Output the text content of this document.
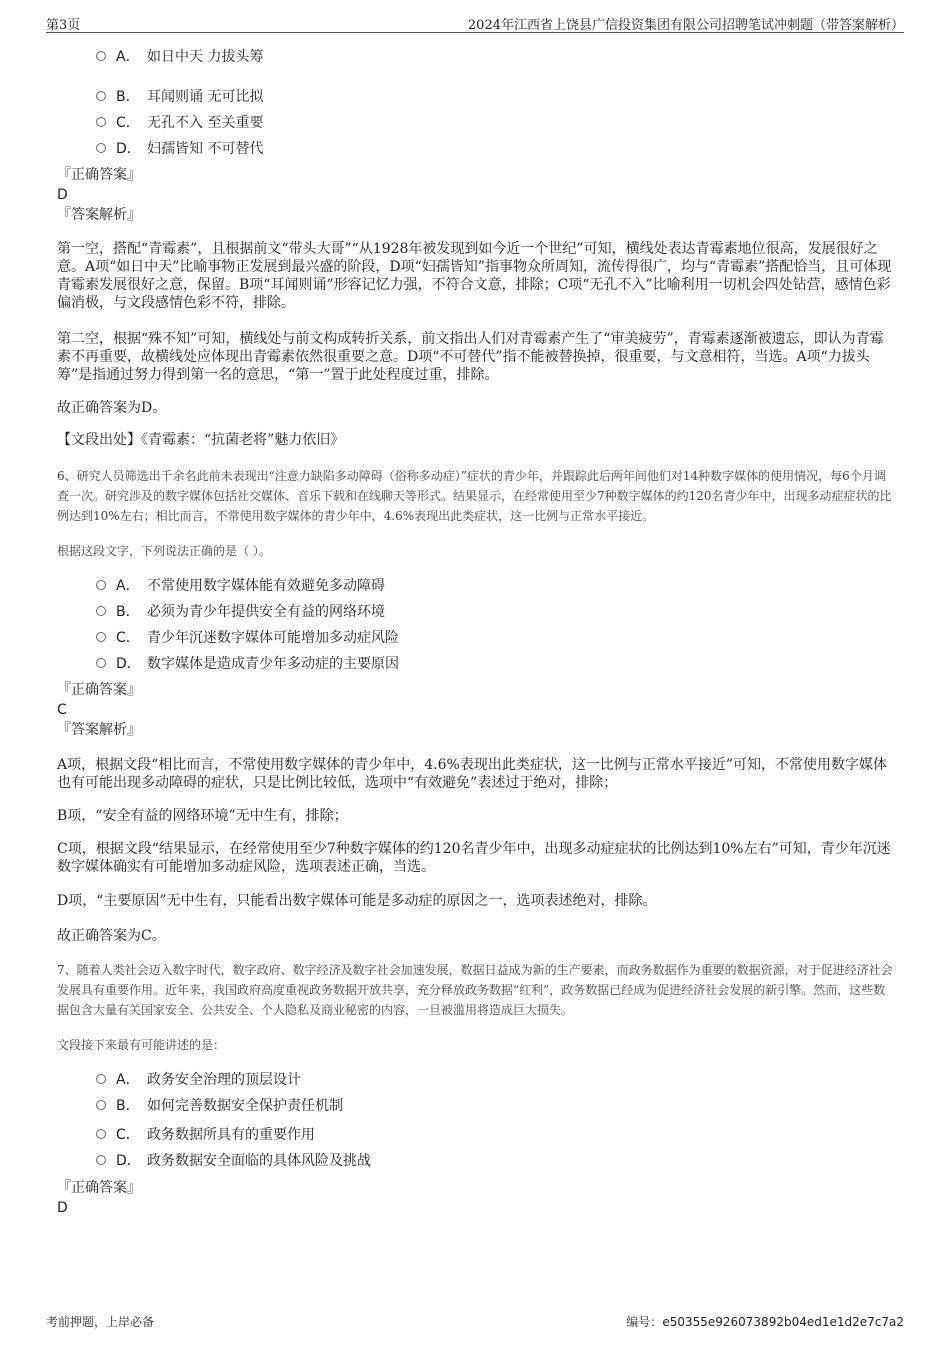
第3页	2024年江西省上饶县广信投资集团有限公司招聘笔试冲刺题（带答案解析）
A． 如日中天 力拔头筹
B． 耳闻则诵 无可比拟
C． 无孔不入 至关重要
D． 妇孺皆知 不可替代
『正确答案』
D
『答案解析』
第一空，搭配“青霉素”，且根据前文“带头大哥”“从1928年被发现到如今近一个世纪”可知，横线处表达青霉素地位很高，发展很好之意。A项“如日中天”比喻事物正发展到最兴盛的阶段，D项“妇孺皆知”指事物众所周知，流传得很广，均与“青霉素”搭配恰当，且可体现青霉素发展很好之意，保留。B项“耳闻则诵”形容记忆力强，不符合文意，排除；C项“无孔不入”比喻利用一切机会四处钻营，感情色彩偏消极，与文段感情色彩不符，排除。
第二空，根据“殊不知”可知，横线处与前文构成转折关系，前文指出人们对青霉素产生了“审美疲劳”，青霉素逐渐被遗忘，即认为青霉素不再重要，故横线处应体现出青霉素依然很重要之意。D项“不可替代”指不能被替换掉，很重要，与文意相符，当选。A项“力拔头筹”是指通过努力得到第一名的意思，“第一”置于此处程度过重，排除。
故正确答案为D。
【文段出处】《青霉素：“抗菌老将”魅力依旧》
6、研究人员筛选出千余名此前未表现出“注意力缺陷多动障碍（俗称多动症）”症状的青少年，并跟踪此后两年间他们对14种数字媒体的使用情况，每6个月调查一次。研究涉及的数字媒体包括社交媒体、音乐下载和在线聊天等形式。结果显示，在经常使用至少7种数字媒体的约120名青少年中，出现多动症症状的比例达到10%左右；相比而言，不常使用数字媒体的青少年中，4.6%表现出此类症状，这一比例与正常水平接近。
根据这段文字，下列说法正确的是（ ）。
A． 不常使用数字媒体能有效避免多动障碍
B． 必须为青少年提供安全有益的网络环境
C． 青少年沉迷数字媒体可能增加多动症风险
D． 数字媒体是造成青少年多动症的主要原因
『正确答案』
C
『答案解析』
A项，根据文段“相比而言，不常使用数字媒体的青少年中，4.6%表现出此类症状，这一比例与正常水平接近”可知，不常使用数字媒体也有可能出现多动障碍的症状，只是比例比较低，选项中“有效避免”表述过于绝对，排除；
B项，“安全有益的网络环境”无中生有，排除；
C项，根据文段“结果显示，在经常使用至少7种数字媒体的约120名青少年中，出现多动症症状的比例达到10%左右”可知，青少年沉迷数字媒体确实有可能增加多动症风险，选项表述正确，当选。
D项，“主要原因”无中生有，只能看出数字媒体可能是多动症的原因之一，选项表述绝对，排除。
故正确答案为C。
7、随着人类社会迈入数字时代，数字政府、数字经济及数字社会加速发展，数据日益成为新的生产要素，而政务数据作为重要的数据资源，对于促进经济社会发展具有重要作用。近年来，我国政府高度重视政务数据开放共享，充分释放政务数据“红利”，政务数据已经成为促进经济社会发展的新引擎。然而，这些数据包含大量有关国家安全、公共安全、个人隐私及商业秘密的内容，一旦被滥用将造成巨大损失。
文段接下来最有可能讲述的是：
A． 政务安全治理的顶层设计
B． 如何完善数据安全保护责任机制
C． 政务数据所具有的重要作用
D． 政务数据安全面临的具体风险及挑战
『正确答案』
D
考前押题，上岸必备	编号：e50355e926073892b04ed1e1d2e7c7a2
